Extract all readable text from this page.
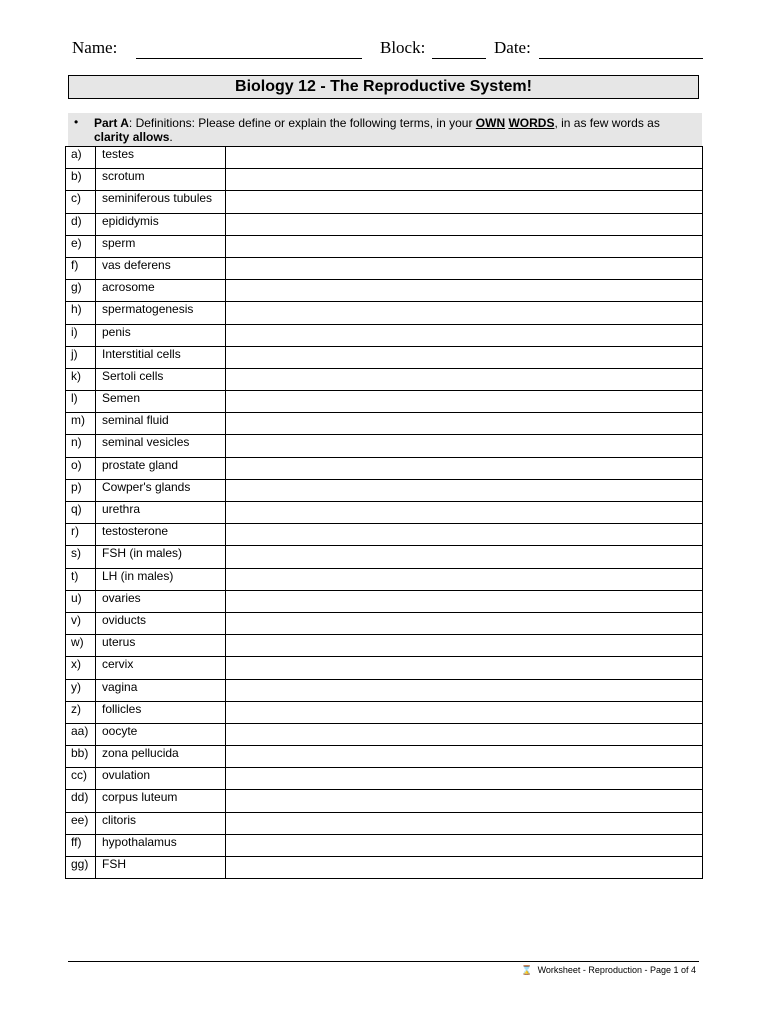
Name:	Block:	Date:
Biology 12 - The Reproductive System!
• Part A: Definitions: Please define or explain the following terms, in your OWN WORDS, in as few words as
clarity allows.
a)	testes	
b)	scrotum	
c)	seminiferous tubules	
d)	epididymis	
e)	sperm	
f)	vas deferens	
g)	acrosome	
h)	spermatogenesis	
i)	penis	
j)	Interstitial cells	
k)	Sertoli cells	
l)	Semen	
m)	seminal fluid	
n)	seminal vesicles	
o)	prostate gland	
p)	Cowper's glands	
q)	urethra	
r)	testosterone	
s)	FSH (in males)	
t)	LH (in males)	
u)	ovaries	
v)	oviducts	
w)	uterus	
x)	cervix	
y)	vagina	
z)	follicles	
aa)	oocyte	
bb)	zona pellucida	
cc)	ovulation	
dd)	corpus luteum	
ee)	clitoris	
ff)	hypothalamus	
gg)	FSH	
⌛ Worksheet - Reproduction - Page 1 of 4
